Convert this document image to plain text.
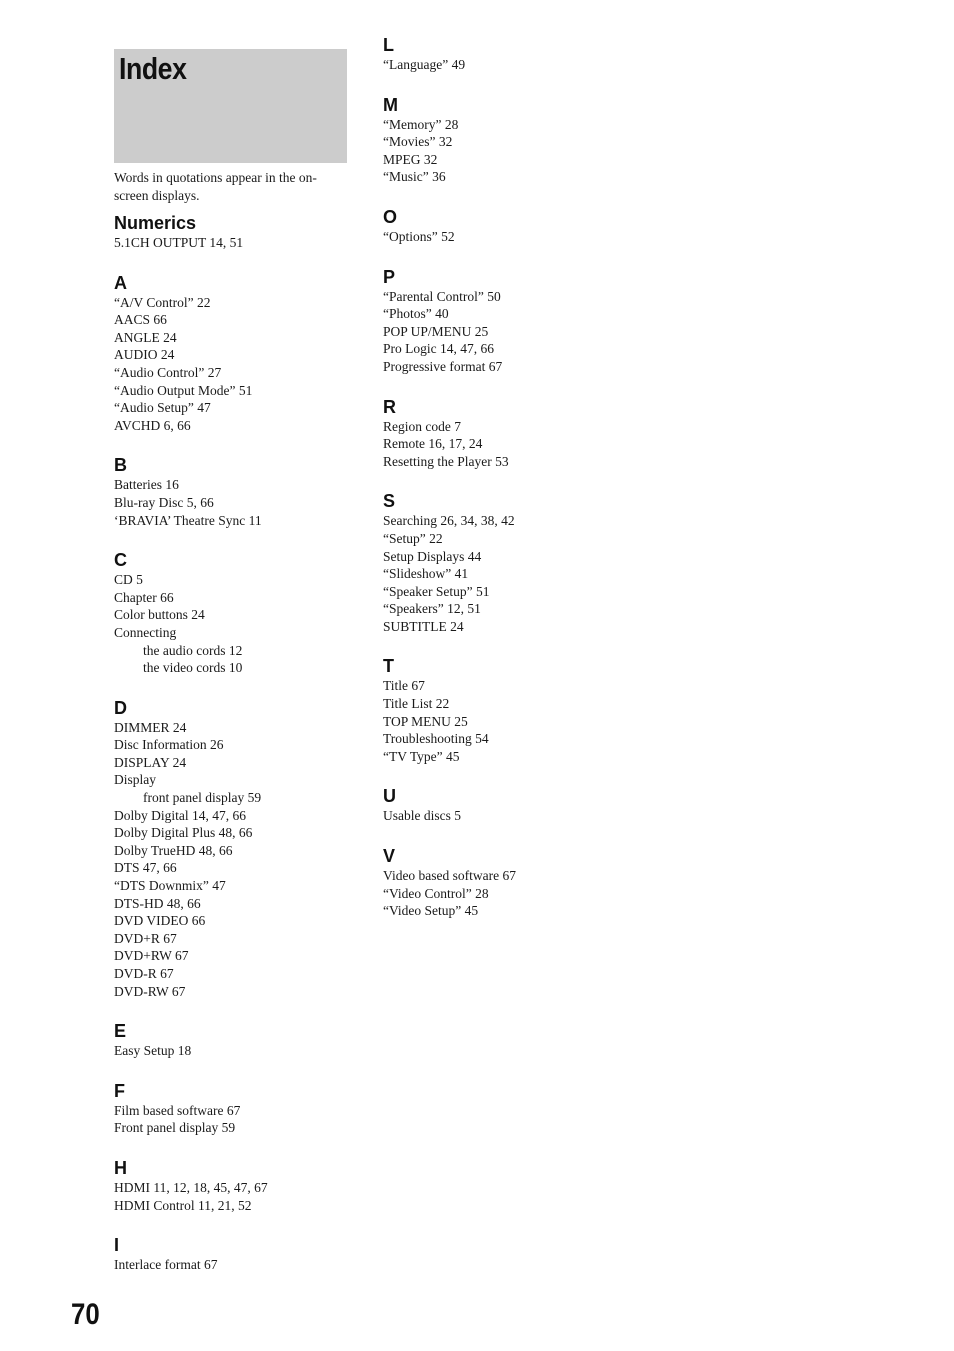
Index

Words in quotations appear in the on-screen displays.

Numerics
5.1CH OUTPUT 14, 51
A
“A/V Control” 22
AACS 66
ANGLE 24
AUDIO 24
“Audio Control” 27
“Audio Output Mode” 51
“Audio Setup” 47
AVCHD 6, 66
B
Batteries 16
Blu-ray Disc 5, 66
‘BRAVIA’ Theatre Sync 11
C
CD 5
Chapter 66
Color buttons 24
Connecting
the audio cords 12
the video cords 10
D
DIMMER 24
Disc Information 26
DISPLAY 24
Display
front panel display 59
Dolby Digital 14, 47, 66
Dolby Digital Plus 48, 66
Dolby TrueHD 48, 66
DTS 47, 66
“DTS Downmix” 47
DTS-HD 48, 66
DVD VIDEO 66
DVD+R 67
DVD+RW 67
DVD-R 67
DVD-RW 67
E
Easy Setup 18
F
Film based software 67
Front panel display 59
H
HDMI 11, 12, 18, 45, 47, 67
HDMI Control 11, 21, 52
I
Interlace format 67
L
“Language” 49
M
“Memory” 28
“Movies” 32
MPEG 32
“Music” 36
O
“Options” 52
P
“Parental Control” 50
“Photos” 40
POP UP/MENU 25
Pro Logic 14, 47, 66
Progressive format 67
R
Region code 7
Remote 16, 17, 24
Resetting the Player 53
S
Searching 26, 34, 38, 42
“Setup” 22
Setup Displays 44
“Slideshow” 41
“Speaker Setup” 51
“Speakers” 12, 51
SUBTITLE 24
T
Title 67
Title List 22
TOP MENU 25
Troubleshooting 54
“TV Type” 45
U
Usable discs 5
V
Video based software 67
“Video Control” 28
“Video Setup” 45
70
